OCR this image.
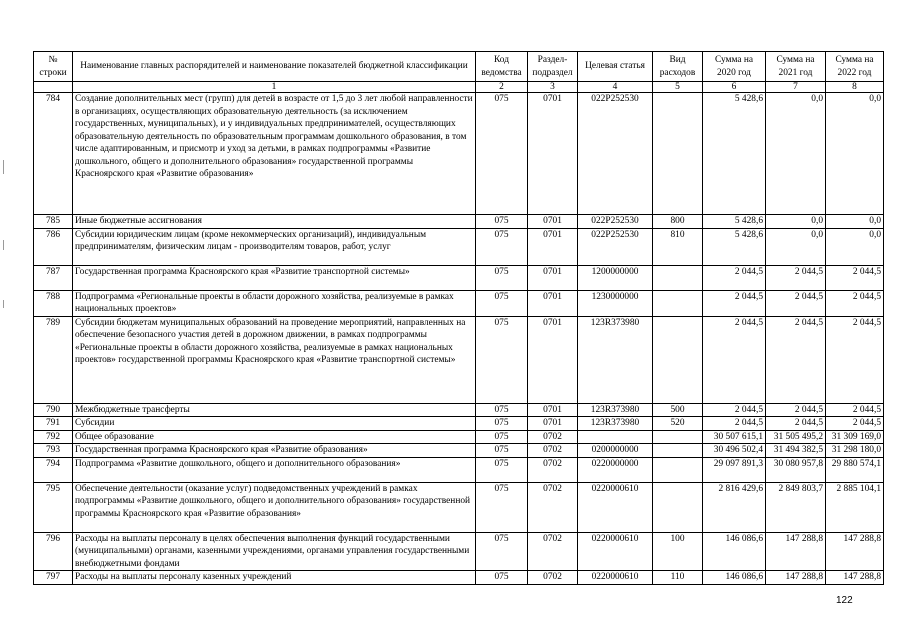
№ строки	Наименование главных распорядителей и наименование показателей бюджетной классификации	Код ведомства	Раздел-подраздел	Целевая статья	Вид расходов	Сумма на 2020 год	Сумма на 2021 год	Сумма на 2022 год
	1	2	3	4	5	6	7	8
784	Создание дополнительных мест (групп) для детей в возрасте от 1,5 до 3 лет любой направленности в организациях, осуществляющих образовательную деятельность (за исключением государственных, муниципальных), и у индивидуальных предпринимателей, осуществляющих образовательную деятельность по образовательным программам дошкольного образования, в том числе адаптированным, и присмотр и уход за детьми, в рамках подпрограммы «Развитие дошкольного, общего и дополнительного образования» государственной программы Красноярского края «Развитие образования»	075	0701	022P252530		5 428,6	0,0	0,0
785	Иные бюджетные ассигнования	075	0701	022P252530	800	5 428,6	0,0	0,0
786	Субсидии юридическим лицам (кроме некоммерческих организаций), индивидуальным предпринимателям, физическим лицам - производителям товаров, работ, услуг	075	0701	022P252530	810	5 428,6	0,0	0,0
787	Государственная программа Красноярского края «Развитие транспортной системы»	075	0701	1200000000		2 044,5	2 044,5	2 044,5
788	Подпрограмма «Региональные проекты в области дорожного хозяйства, реализуемые в рамках национальных проектов»	075	0701	1230000000		2 044,5	2 044,5	2 044,5
789	Субсидии бюджетам муниципальных образований на проведение мероприятий, направленных на обеспечение безопасного участия детей в дорожном движении, в рамках подпрограммы «Региональные проекты в области дорожного хозяйства, реализуемые в рамках национальных проектов» государственной программы Красноярского края «Развитие транспортной системы»	075	0701	123R373980		2 044,5	2 044,5	2 044,5
790	Межбюджетные трансферты	075	0701	123R373980	500	2 044,5	2 044,5	2 044,5
791	Субсидии	075	0701	123R373980	520	2 044,5	2 044,5	2 044,5
792	Общее образование	075	0702			30 507 615,1	31 505 495,2	31 309 169,0
793	Государственная программа Красноярского края «Развитие образования»	075	0702	0200000000		30 496 502,4	31 494 382,5	31 298 180,0
794	Подпрограмма «Развитие дошкольного, общего и дополнительного образования»	075	0702	0220000000		29 097 891,3	30 080 957,8	29 880 574,1
795	Обеспечение деятельности (оказание услуг) подведомственных учреждений в рамках подпрограммы «Развитие дошкольного, общего и дополнительного образования» государственной программы Красноярского края «Развитие образования»	075	0702	0220000610		2 816 429,6	2 849 803,7	2 885 104,1
796	Расходы на выплаты персоналу в целях обеспечения выполнения функций государственными (муниципальными) органами, казенными учреждениями, органами управления государственными внебюджетными фондами	075	0702	0220000610	100	146 086,6	147 288,8	147 288,8
797	Расходы на выплаты персоналу казенных учреждений	075	0702	0220000610	110	146 086,6	147 288,8	147 288,8
122
